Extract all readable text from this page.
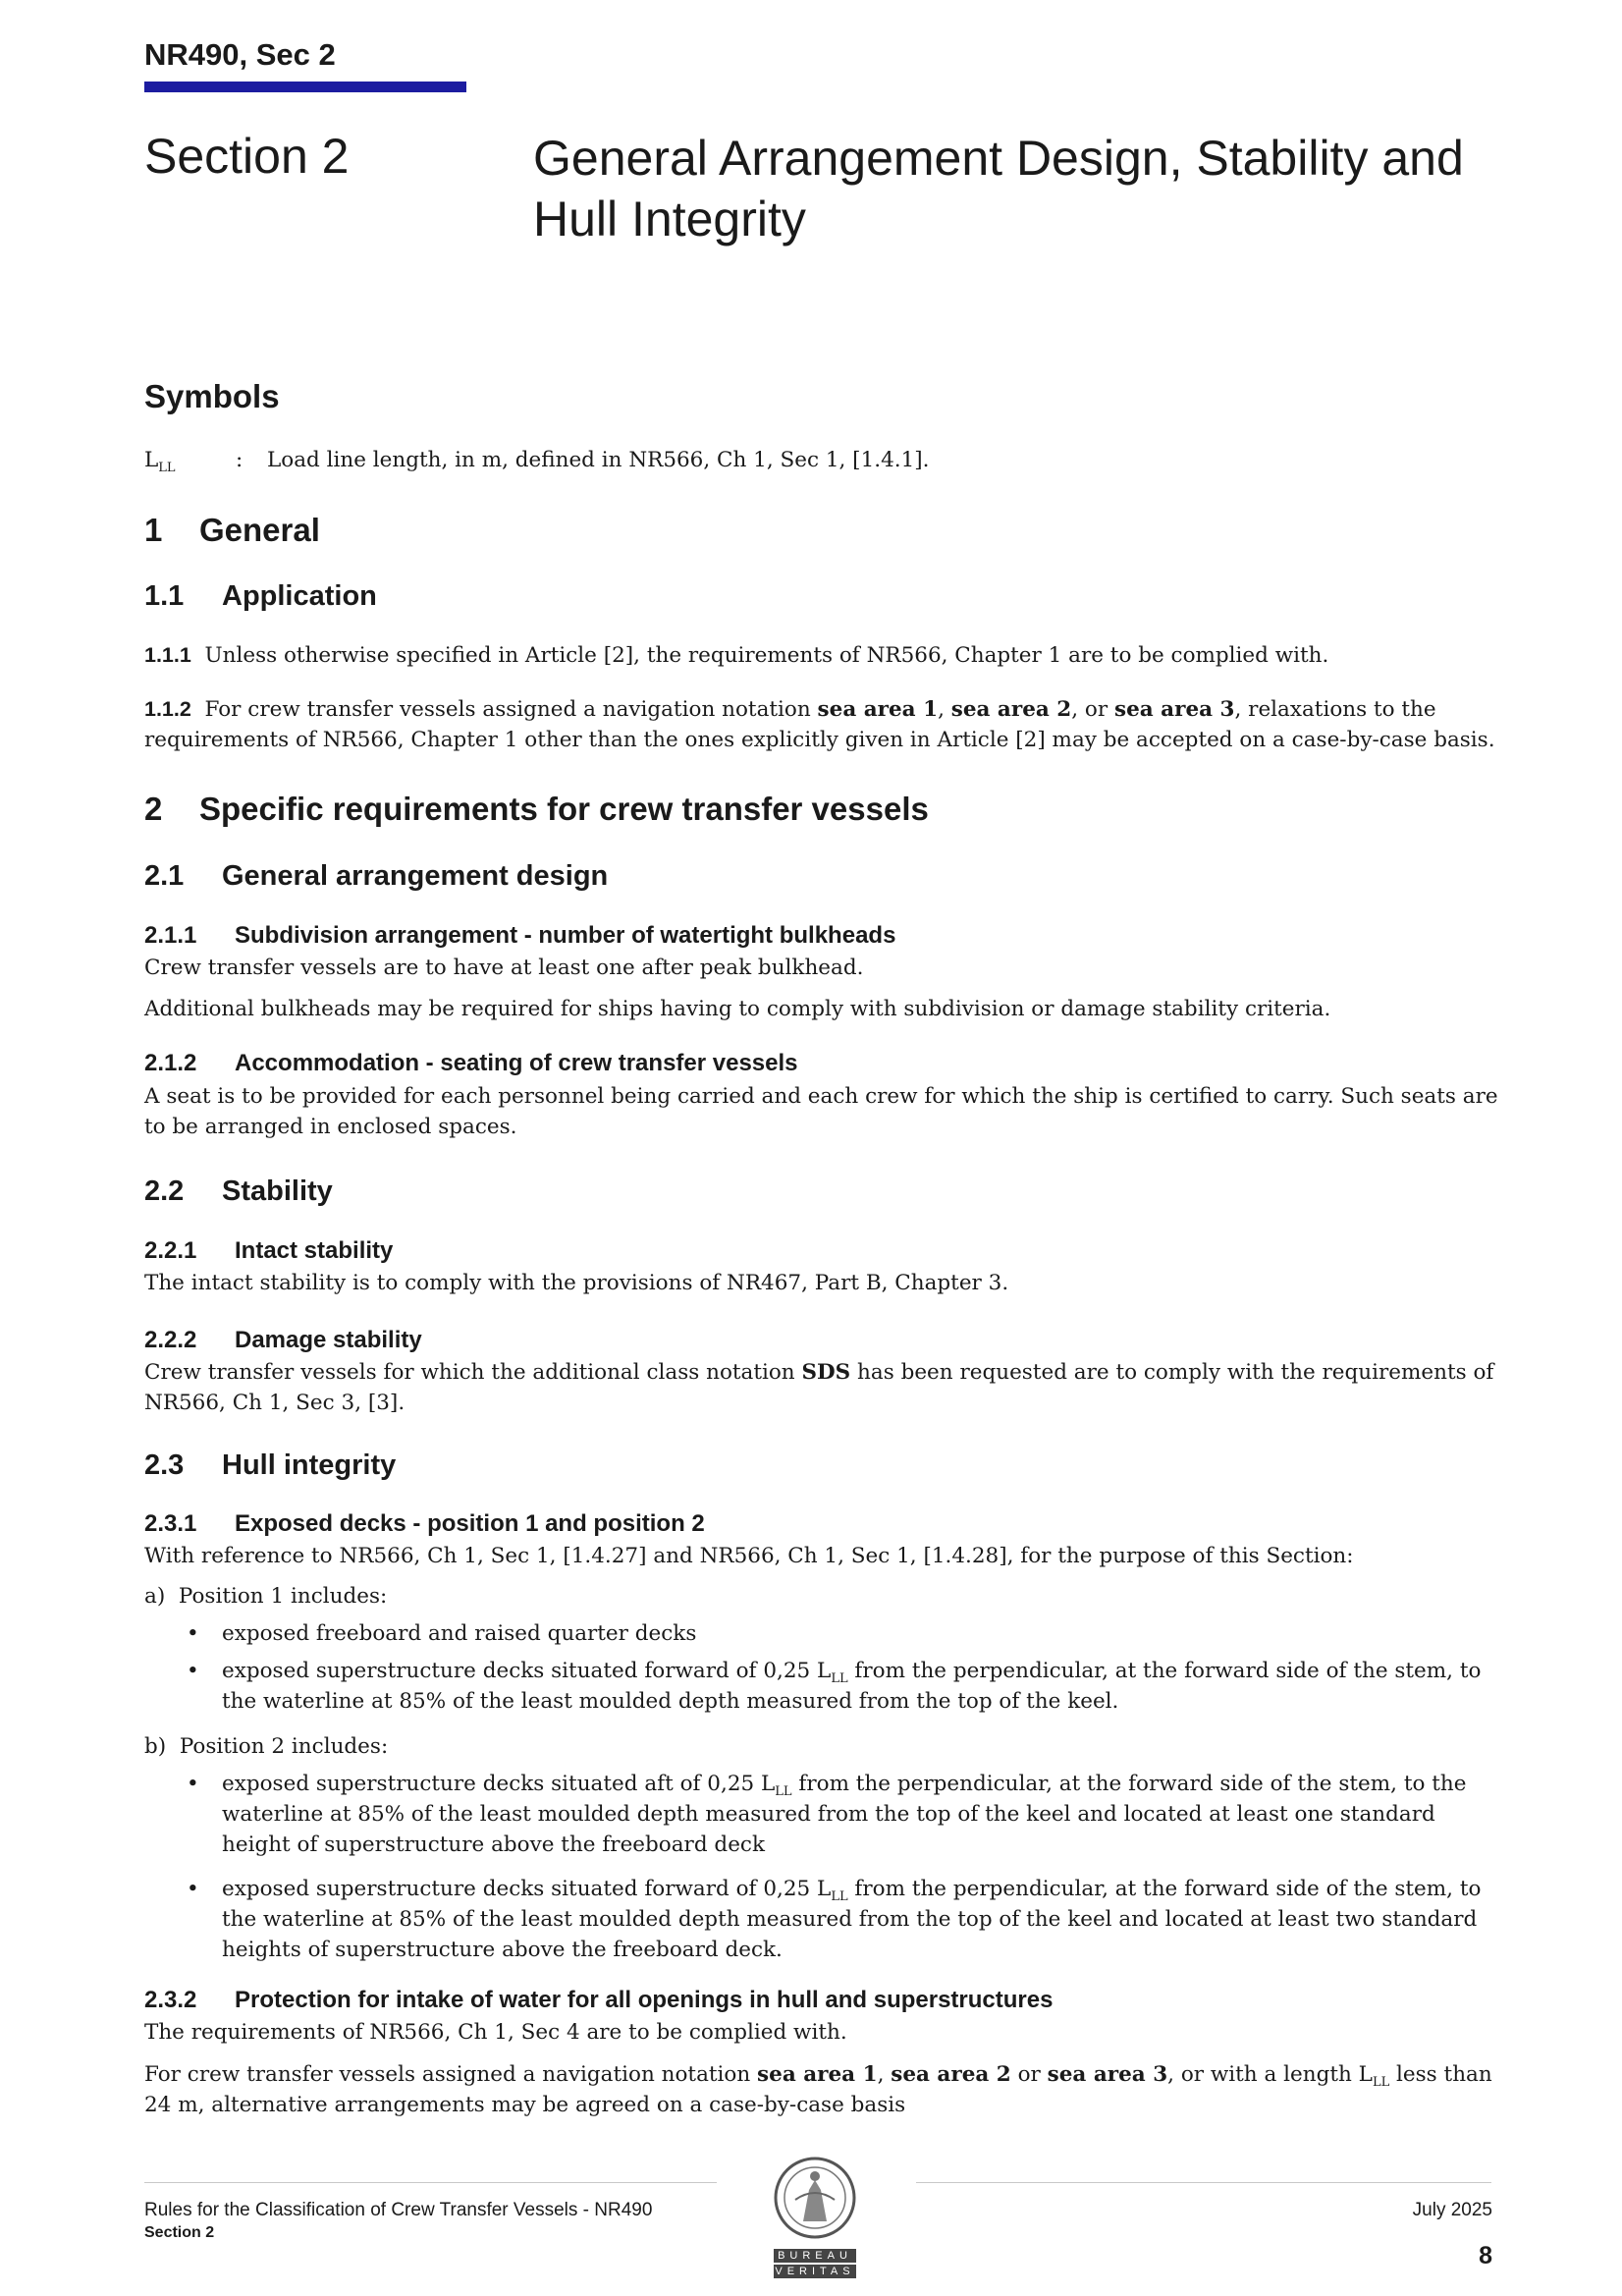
NR490, Sec 2
Section 2	General Arrangement Design, Stability and Hull Integrity
Symbols
$L_{LL}$	: Load line length, in m, defined in NR566, Ch 1, Sec 1, [1.4.1].
1 General
1.1 Application
1.1.1 Unless otherwise specified in Article [2], the requirements of NR566, Chapter 1 are to be complied with.
1.1.2 For crew transfer vessels assigned a navigation notation sea area 1, sea area 2, or sea area 3, relaxations to the requirements of NR566, Chapter 1 other than the ones explicitly given in Article [2] may be accepted on a case-by-case basis.
2 Specific requirements for crew transfer vessels
2.1 General arrangement design
2.1.1 Subdivision arrangement - number of watertight bulkheads
Crew transfer vessels are to have at least one after peak bulkhead.
Additional bulkheads may be required for ships having to comply with subdivision or damage stability criteria.
2.1.2 Accommodation - seating of crew transfer vessels
A seat is to be provided for each personnel being carried and each crew for which the ship is certified to carry. Such seats are to be arranged in enclosed spaces.
2.2 Stability
2.2.1 Intact stability
The intact stability is to comply with the provisions of NR467, Part B, Chapter 3.
2.2.2 Damage stability
Crew transfer vessels for which the additional class notation SDS has been requested are to comply with the requirements of NR566, Ch 1, Sec 3, [3].
2.3 Hull integrity
2.3.1 Exposed decks - position 1 and position 2
With reference to NR566, Ch 1, Sec 1, [1.4.27] and NR566, Ch 1, Sec 1, [1.4.28], for the purpose of this Section:
a) Position 1 includes:
• exposed freeboard and raised quarter decks
• exposed superstructure decks situated forward of 0,25 $L_{LL}$ from the perpendicular, at the forward side of the stem, to the waterline at 85% of the least moulded depth measured from the top of the keel.
b) Position 2 includes:
• exposed superstructure decks situated aft of 0,25 $L_{LL}$ from the perpendicular, at the forward side of the stem, to the waterline at 85% of the least moulded depth measured from the top of the keel and located at least one standard height of superstructure above the freeboard deck
• exposed superstructure decks situated forward of 0,25 $L_{LL}$ from the perpendicular, at the forward side of the stem, to the waterline at 85% of the least moulded depth measured from the top of the keel and located at least two standard heights of superstructure above the freeboard deck.
2.3.2 Protection for intake of water for all openings in hull and superstructures
The requirements of NR566, Ch 1, Sec 4 are to be complied with.
For crew transfer vessels assigned a navigation notation sea area 1, sea area 2 or sea area 3, or with a length $L_{LL}$ less than 24 m, alternative arrangements may be agreed on a case-by-case basis
Rules for the Classification of Crew Transfer Vessels - NR490
Section 2
July 2025
8
BUREAU
VERITAS
